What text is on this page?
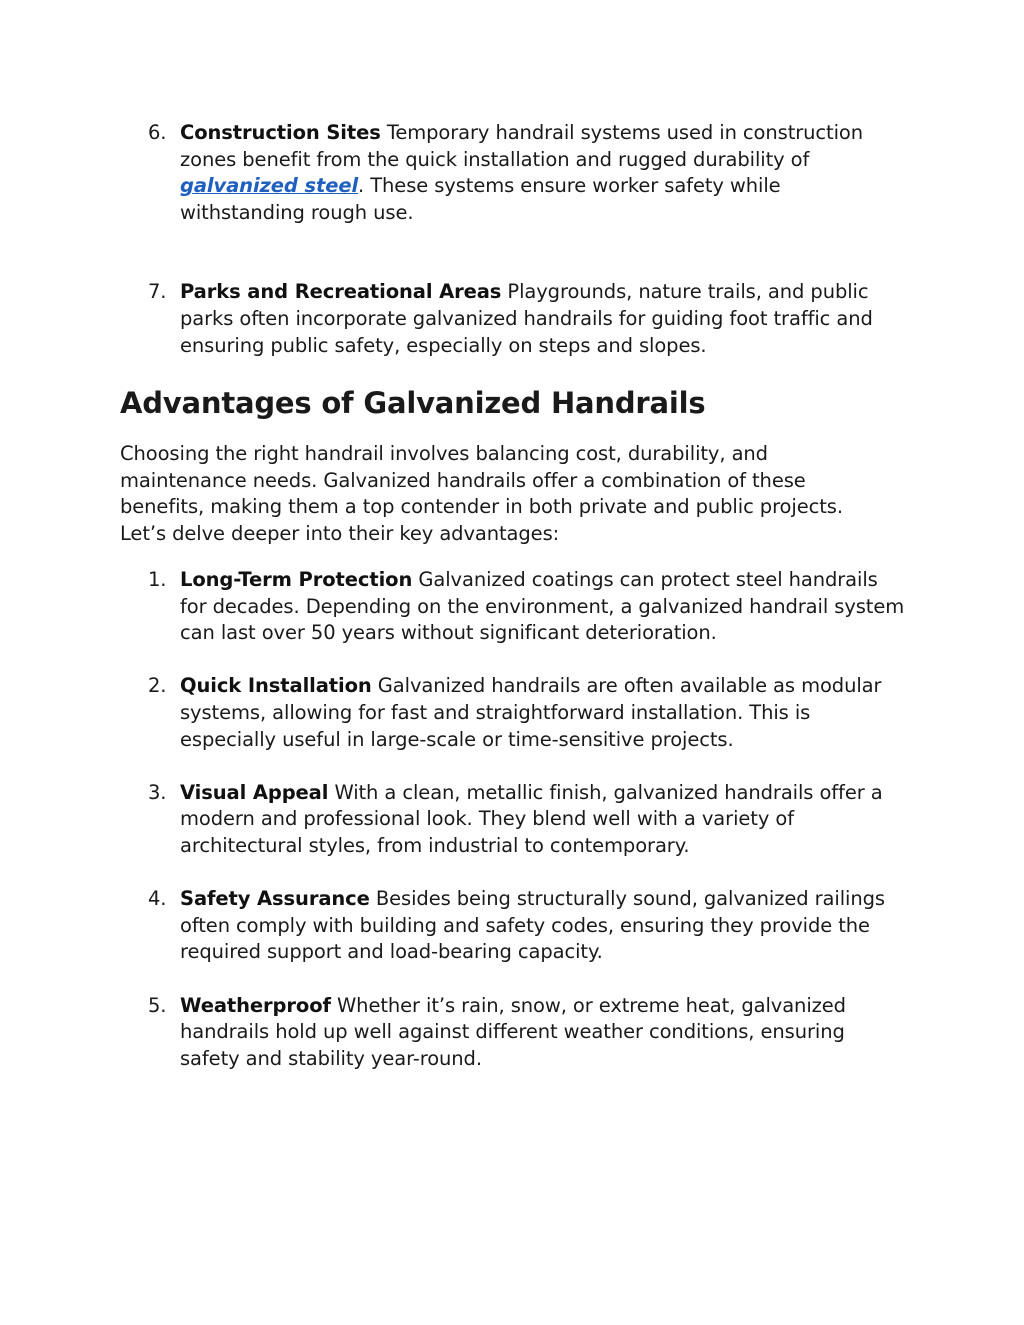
6. Construction Sites Temporary handrail systems used in construction zones benefit from the quick installation and rugged durability of galvanized steel. These systems ensure worker safety while withstanding rough use.
7. Parks and Recreational Areas Playgrounds, nature trails, and public parks often incorporate galvanized handrails for guiding foot traffic and ensuring public safety, especially on steps and slopes.
Advantages of Galvanized Handrails

Choosing the right handrail involves balancing cost, durability, and maintenance needs. Galvanized handrails offer a combination of these benefits, making them a top contender in both private and public projects. Let’s delve deeper into their key advantages:

1. Long-Term Protection Galvanized coatings can protect steel handrails for decades. Depending on the environment, a galvanized handrail system can last over 50 years without significant deterioration.
2. Quick Installation Galvanized handrails are often available as modular systems, allowing for fast and straightforward installation. This is especially useful in large-scale or time-sensitive projects.
3. Visual Appeal With a clean, metallic finish, galvanized handrails offer a modern and professional look. They blend well with a variety of architectural styles, from industrial to contemporary.
4. Safety Assurance Besides being structurally sound, galvanized railings often comply with building and safety codes, ensuring they provide the required support and load-bearing capacity.
5. Weatherproof Whether it’s rain, snow, or extreme heat, galvanized handrails hold up well against different weather conditions, ensuring safety and stability year-round.
